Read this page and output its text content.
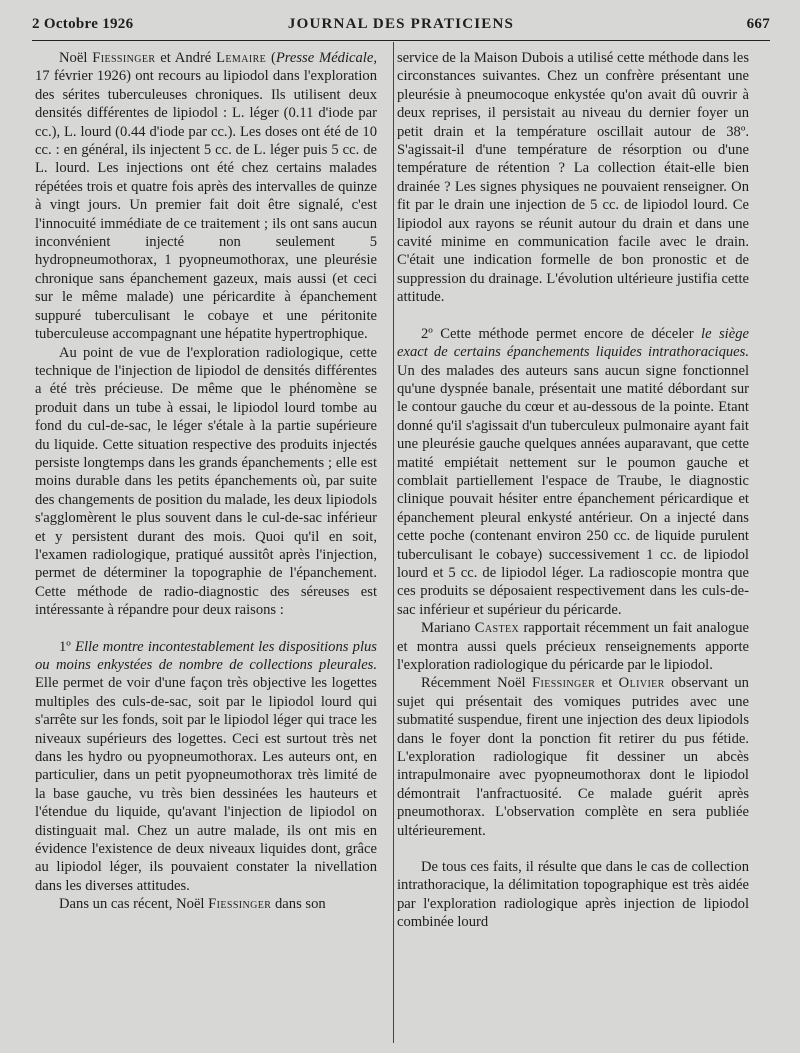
2 Octobre 1926	JOURNAL DES PRATICIENS	667

Noël Fiessinger et André Lemaire (Presse Médicale, 17 février 1926) ont recours au lipiodol dans l'exploration des sérites tuberculeuses chroniques. Ils utilisent deux densités différentes de lipiodol : L. léger (0.11 d'iode par cc.), L. lourd (0.44 d'iode par cc.). Les doses ont été de 10 cc. : en général, ils injectent 5 cc. de L. léger puis 5 cc. de L. lourd. Les injections ont été chez certains malades répétées trois et quatre fois après des intervalles de quinze à vingt jours. Un premier fait doit être signalé, c'est l'innocuité immédiate de ce traitement ; ils ont sans aucun inconvénient injecté non seulement 5 hydropneumothorax, 1 pyopneumothorax, une pleurésie chronique sans épanchement gazeux, mais aussi (et ceci sur le même malade) une péricardite à épanchement suppuré tuberculisant le cobaye et une péritonite tuberculeuse accompagnant une hépatite hypertrophique.

Au point de vue de l'exploration radiologique, cette technique de l'injection de lipiodol de densités différentes a été très précieuse. De même que le phénomène se produit dans un tube à essai, le lipiodol lourd tombe au fond du cul-de-sac, le léger s'étale à la partie supérieure du liquide. Cette situation respective des produits injectés persiste longtemps dans les grands épanchements ; elle est moins durable dans les petits épanchements où, par suite des changements de position du malade, les deux lipiodols s'agglomèrent le plus souvent dans le cul-de-sac inférieur et y persistent durant des mois. Quoi qu'il en soit, l'examen radiologique, pratiqué aussitôt après l'injection, permet de déterminer la topographie de l'épanchement. Cette méthode de radio-diagnostic des séreuses est intéressante à répandre pour deux raisons :

1º Elle montre incontestablement les dispositions plus ou moins enkystées de nombre de collections pleurales. Elle permet de voir d'une façon très objective les logettes multiples des culs-de-sac, soit par le lipiodol lourd qui s'arrête sur les fonds, soit par le lipiodol léger qui trace les niveaux supérieurs des logettes. Ceci est surtout très net dans les hydro ou pyopneumothorax. Les auteurs ont, en particulier, dans un petit pyopneumothorax très limité de la base gauche, vu très bien dessinées les hauteurs et l'étendue du liquide, qu'avant l'injection de lipiodol on distinguait mal. Chez un autre malade, ils ont mis en évidence l'existence de deux niveaux liquides dont, grâce au lipiodol léger, ils pouvaient constater la nivellation dans les diverses attitudes.

Dans un cas récent, Noël Fiessinger dans son

service de la Maison Dubois a utilisé cette méthode dans les circonstances suivantes. Chez un confrère présentant une pleurésie à pneumocoque enkystée qu'on avait dû ouvrir à deux reprises, il persistait au niveau du dernier foyer un petit drain et la température oscillait autour de 38º. S'agissait-il d'une température de résorption ou d'une température de rétention ? La collection était-elle bien drainée ? Les signes physiques ne pouvaient renseigner. On fit par le drain une injection de 5 cc. de lipiodol lourd. Ce lipiodol aux rayons se réunit autour du drain et dans une cavité minime en communication facile avec le drain. C'était une indication formelle de bon pronostic et de suppression du drainage. L'évolution ultérieure justifia cette attitude.

2º Cette méthode permet encore de déceler le siège exact de certains épanchements liquides intrathoraciques. Un des malades des auteurs sans aucun signe fonctionnel qu'une dyspnée banale, présentait une matité débordant sur le contour gauche du cœur et au-dessous de la pointe. Etant donné qu'il s'agissait d'un tuberculeux pulmonaire ayant fait une pleurésie gauche quelques années auparavant, que cette matité empiétait nettement sur le poumon gauche et comblait partiellement l'espace de Traube, le diagnostic clinique pouvait hésiter entre épanchement péricardique et épanchement pleural enkysté antérieur. On a injecté dans cette poche (contenant environ 250 cc. de liquide purulent tuberculisant le cobaye) successivement 1 cc. de lipiodol lourd et 5 cc. de lipiodol léger. La radioscopie montra que ces produits se déposaient respectivement dans les culs-de-sac inférieur et supérieur du péricarde.

Mariano Castex rapportait récemment un fait analogue et montra aussi quels précieux renseignements apporte l'exploration radiologique du péricarde par le lipiodol.

Récemment Noël Fiessinger et Olivier observant un sujet qui présentait des vomiques putrides avec une submatité suspendue, firent une injection des deux lipiodols dans le foyer dont la ponction fit retirer du pus fétide. L'exploration radiologique fit dessiner un abcès intrapulmonaire avec pyopneumothorax dont le lipiodol démontrait l'anfractuosité. Ce malade guérit après pneumothorax. L'observation complète en sera publiée ultérieurement.

De tous ces faits, il résulte que dans le cas de collection intrathoracique, la délimitation topographique est très aidée par l'exploration radiologique après injection de lipiodol combinée lourd
